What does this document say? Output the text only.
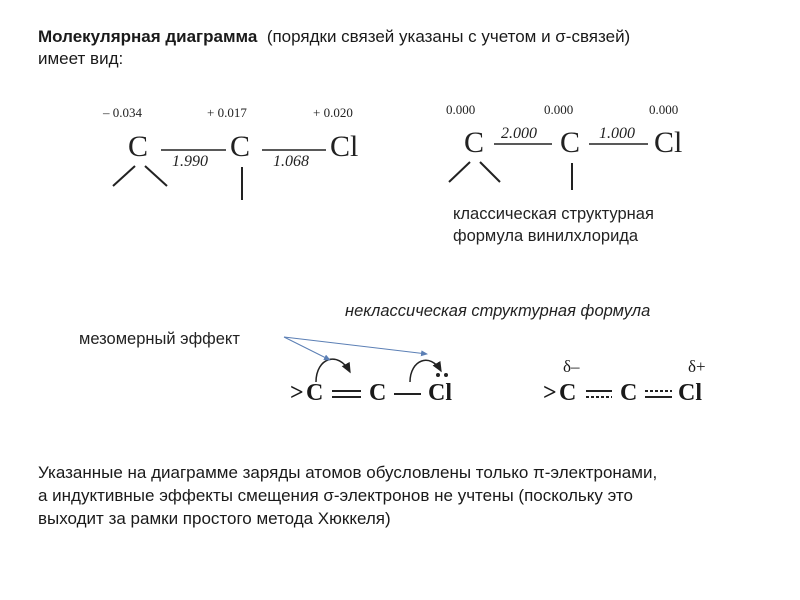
Молекулярная диаграмма (порядки связей указаны с учетом и σ-связей)
имеет вид:
– 0.034	+ 0.017	+ 0.020
C	C	Cl
1.990	1.068
0.000	0.000	0.000
C	C Cl
2.000	1.000
классическая структурная
формула винилхлорида
неклассическая структурная формула
мезомерный эффект
> C C Cl	> C C Cl
δ–	δ+
Указанные на диаграмме заряды атомов обусловлены только π-электронами,
а индуктивные эффекты смещения σ-электронов не учтены (поскольку это
выходит за рамки простого метода Хюккеля)
